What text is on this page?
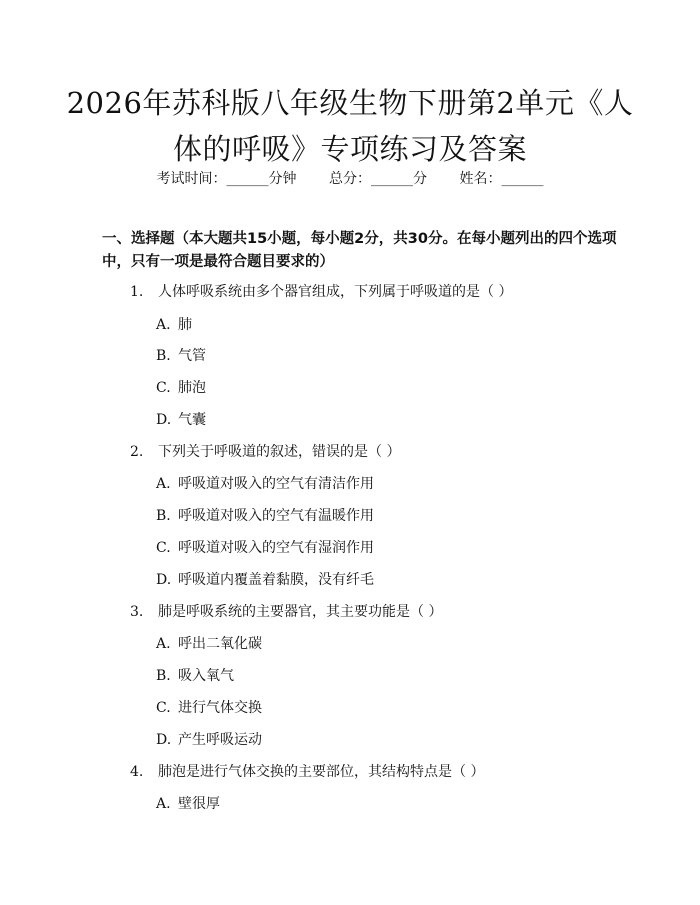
2026年苏科版八年级生物下册第2单元《人
体的呼吸》专项练习及答案
考试时间：______分钟 总分：______分 姓名：______
一、选择题（本大题共15小题，每小题2分，共30分。在每小题列出的四个选项中，只有一项是最符合题目要求的）
1. 人体呼吸系统由多个器官组成，下列属于呼吸道的是（ ）
A. 肺
B. 气管
C. 肺泡
D. 气囊
2. 下列关于呼吸道的叙述，错误的是（ ）
A. 呼吸道对吸入的空气有清洁作用
B. 呼吸道对吸入的空气有温暖作用
C. 呼吸道对吸入的空气有湿润作用
D. 呼吸道内覆盖着黏膜，没有纤毛
3. 肺是呼吸系统的主要器官，其主要功能是（ ）
A. 呼出二氧化碳
B. 吸入氧气
C. 进行气体交换
D. 产生呼吸运动
4. 肺泡是进行气体交换的主要部位，其结构特点是（ ）
A. 壁很厚
